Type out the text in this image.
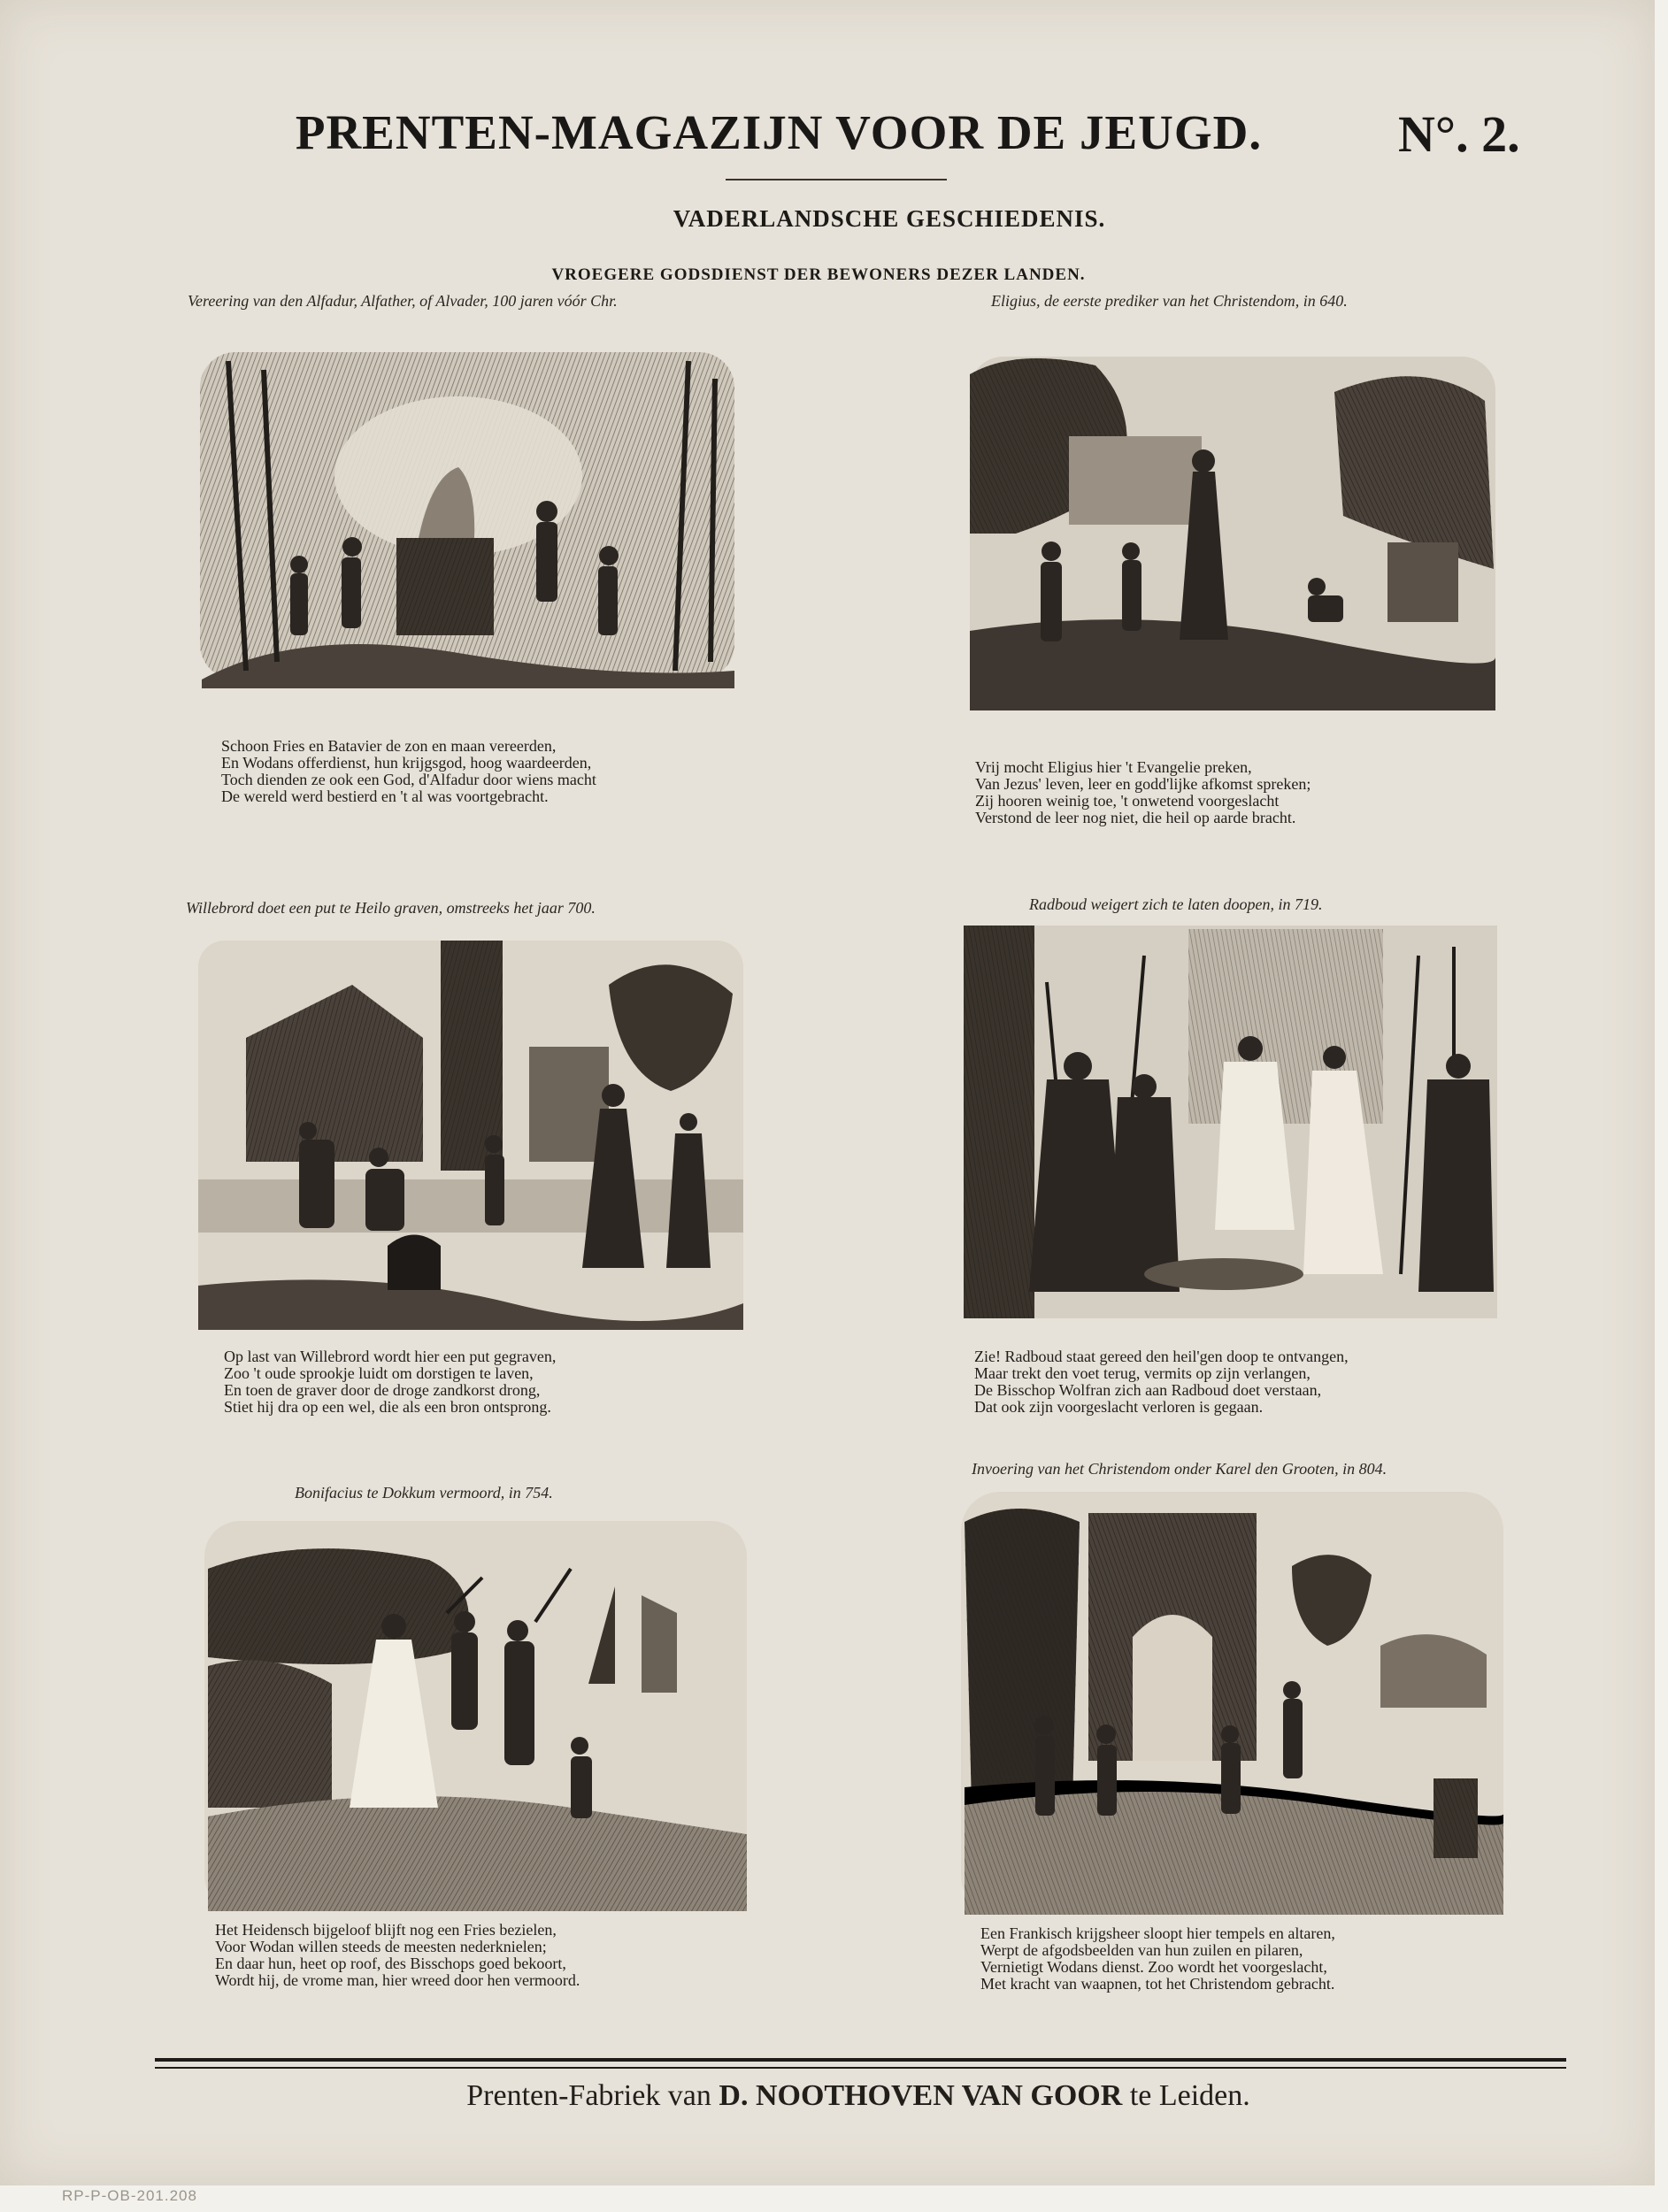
PRENTEN-MAGAZIJN VOOR DE JEUGD.	N°. 2.
VADERLANDSCHE GESCHIEDENIS.
VROEGERE GODSDIENST DER BEWONERS DEZER LANDEN.
Vereering van den Alfadur, Alfather, of Alvader, 100 jaren vóór Chr.
Schoon Fries en Batavier de zon en maan vereerden,
En Wodans offerdienst, hun krijgsgod, hoog waardeerden,
Toch dienden ze ook een God, d'Alfadur door wiens macht
De wereld werd bestierd en 't al was voortgebracht.
Eligius, de eerste prediker van het Christendom, in 640.
Vrij mocht Eligius hier 't Evangelie preken,
Van Jezus' leven, leer en godd'lijke afkomst spreken;
Zij hooren weinig toe, 't onwetend voorgeslacht
Verstond de leer nog niet, die heil op aarde bracht.
Willebrord doet een put te Heilo graven, omstreeks het jaar 700.
Op last van Willebrord wordt hier een put gegraven,
Zoo 't oude sprookje luidt om dorstigen te laven,
En toen de graver door de droge zandkorst drong,
Stiet hij dra op een wel, die als een bron ontsprong.
Radboud weigert zich te laten doopen, in 719.
Zie! Radboud staat gereed den heil'gen doop te ontvangen,
Maar trekt den voet terug, vermits op zijn verlangen,
De Bisschop Wolfran zich aan Radboud doet verstaan,
Dat ook zijn voorgeslacht verloren is gegaan.
Bonifacius te Dokkum vermoord, in 754.
Het Heidensch bijgeloof blijft nog een Fries bezielen,
Voor Wodan willen steeds de meesten nederknielen;
En daar hun, heet op roof, des Bisschops goed bekoort,
Wordt hij, de vrome man, hier wreed door hen vermoord.
Invoering van het Christendom onder Karel den Grooten, in 804.
Een Frankisch krijgsheer sloopt hier tempels en altaren,
Werpt de afgodsbeelden van hun zuilen en pilaren,
Vernietigt Wodans dienst. Zoo wordt het voorgeslacht,
Met kracht van waapnen, tot het Christendom gebracht.
Prenten-Fabriek van D. NOOTHOVEN VAN GOOR te Leiden.
RP-P-OB-201.208
